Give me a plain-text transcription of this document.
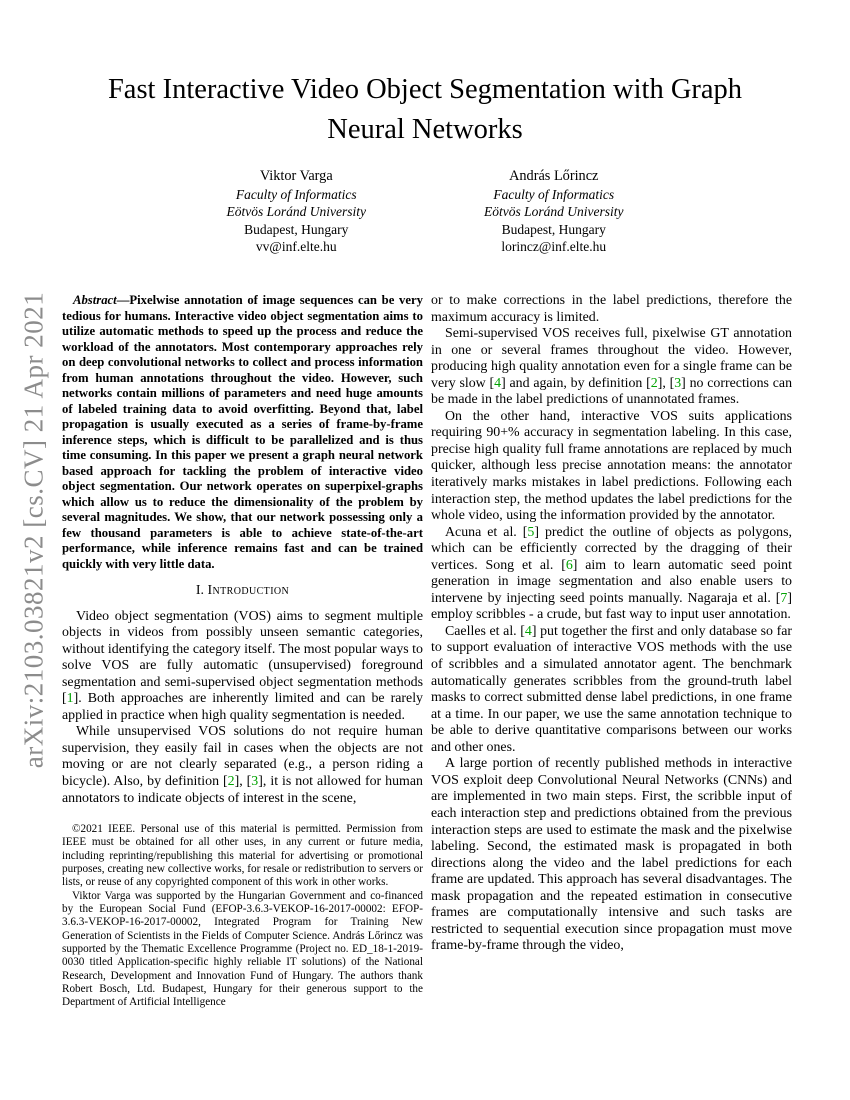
arXiv:2103.03821v2 [cs.CV] 21 Apr 2021
Fast Interactive Video Object Segmentation with Graph Neural Networks
Viktor Varga
Faculty of Informatics
Eötvös Loránd University
Budapest, Hungary
vv@inf.elte.hu
András Lőrincz
Faculty of Informatics
Eötvös Loránd University
Budapest, Hungary
lorincz@inf.elte.hu

Abstract—Pixelwise annotation of image sequences can be very tedious for humans. Interactive video object segmentation aims to utilize automatic methods to speed up the process and reduce the workload of the annotators. Most contemporary approaches rely on deep convolutional networks to collect and process information from human annotations throughout the video. However, such networks contain millions of parameters and need huge amounts of labeled training data to avoid overfitting. Beyond that, label propagation is usually executed as a series of frame-by-frame inference steps, which is difficult to be parallelized and is thus time consuming. In this paper we present a graph neural network based approach for tackling the problem of interactive video object segmentation. Our network operates on superpixel-graphs which allow us to reduce the dimensionality of the problem by several magnitudes. We show, that our network possessing only a few thousand parameters is able to achieve state-of-the-art performance, while inference remains fast and can be trained quickly with very little data.

I. Introduction

Video object segmentation (VOS) aims to segment multiple objects in videos from possibly unseen semantic categories, without identifying the category itself. The most popular ways to solve VOS are fully automatic (unsupervised) foreground segmentation and semi-supervised object segmentation methods [1]. Both approaches are inherently limited and can be rarely applied in practice when high quality segmentation is needed.

While unsupervised VOS solutions do not require human supervision, they easily fail in cases when the objects are not moving or are not clearly separated (e.g., a person riding a bicycle). Also, by definition [2], [3], it is not allowed for human annotators to indicate objects of interest in the scene,

©2021 IEEE. Personal use of this material is permitted. Permission from IEEE must be obtained for all other uses, in any current or future media, including reprinting/republishing this material for advertising or promotional purposes, creating new collective works, for resale or redistribution to servers or lists, or reuse of any copyrighted component of this work in other works.

Viktor Varga was supported by the Hungarian Government and co-financed by the European Social Fund (EFOP-3.6.3-VEKOP-16-2017-00002: EFOP-3.6.3-VEKOP-16-2017-00002, Integrated Program for Training New Generation of Scientists in the Fields of Computer Science. András Lőrincz was supported by the Thematic Excellence Programme (Project no. ED_18-1-2019-0030 titled Application-specific highly reliable IT solutions) of the National Research, Development and Innovation Fund of Hungary. The authors thank Robert Bosch, Ltd. Budapest, Hungary for their generous support to the Department of Artificial Intelligence

or to make corrections in the label predictions, therefore the maximum accuracy is limited.

Semi-supervised VOS receives full, pixelwise GT annotation in one or several frames throughout the video. However, producing high quality annotation even for a single frame can be very slow [4] and again, by definition [2], [3] no corrections can be made in the label predictions of unannotated frames.

On the other hand, interactive VOS suits applications requiring 90+% accuracy in segmentation labeling. In this case, precise high quality full frame annotations are replaced by much quicker, although less precise annotation means: the annotator iteratively marks mistakes in label predictions. Following each interaction step, the method updates the label predictions for the whole video, using the information provided by the annotator.

Acuna et al. [5] predict the outline of objects as polygons, which can be efficiently corrected by the dragging of their vertices. Song et al. [6] aim to learn automatic seed point generation in image segmentation and also enable users to intervene by injecting seed points manually. Nagaraja et al. [7] employ scribbles - a crude, but fast way to input user annotation.

Caelles et al. [4] put together the first and only database so far to support evaluation of interactive VOS methods with the use of scribbles and a simulated annotator agent. The benchmark automatically generates scribbles from the ground-truth label masks to correct submitted dense label predictions, in one frame at a time. In our paper, we use the same annotation technique to be able to derive quantitative comparisons between our works and other ones.

A large portion of recently published methods in interactive VOS exploit deep Convolutional Neural Networks (CNNs) and are implemented in two main steps. First, the scribble input of each interaction step and predictions obtained from the previous interaction steps are used to estimate the mask and the pixelwise labeling. Second, the estimated mask is propagated in both directions along the video and the label predictions for each frame are updated. This approach has several disadvantages. The mask propagation and the repeated estimation in consecutive frames are computationally intensive and such tasks are restricted to sequential execution since propagation must move frame-by-frame through the video,
